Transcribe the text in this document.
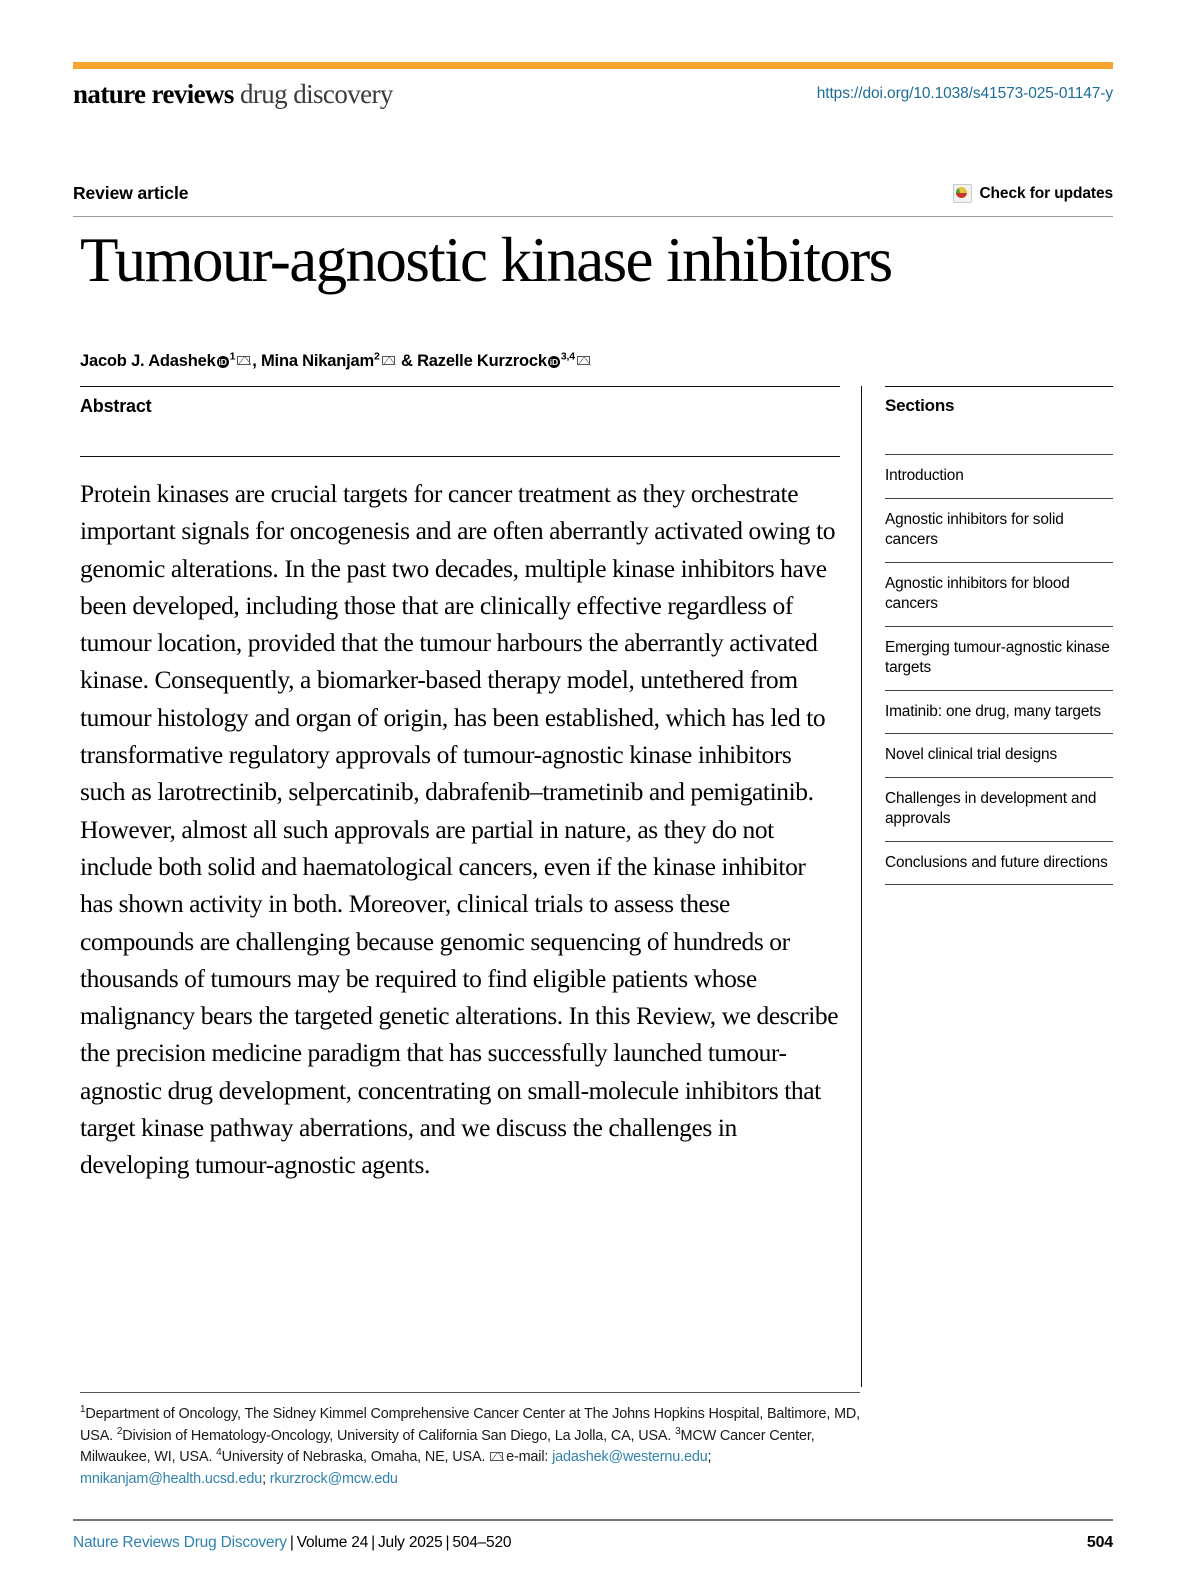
nature reviews drug discovery	https://doi.org/10.1038/s41573-025-01147-y
Review article	Check for updates
Tumour-agnostic kinase inhibitors
Jacob J. Adashek iD $^1$ , Mina Nikanjam$^2$ & Razelle Kurzrock iD $^{3,4}$
Abstract

Protein kinases are crucial targets for cancer treatment as they orchestrate important signals for oncogenesis and are often aberrantly activated owing to genomic alterations. In the past two decades, multiple kinase inhibitors have been developed, including those that are clinically effective regardless of tumour location, provided that the tumour harbours the aberrantly activated kinase. Consequently, a biomarker-based therapy model, untethered from tumour histology and organ of origin, has been established, which has led to transformative regulatory approvals of tumour-agnostic kinase inhibitors such as larotrectinib, selpercatinib, dabrafenib–trametinib and pemigatinib. However, almost all such approvals are partial in nature, as they do not include both solid and haematological cancers, even if the kinase inhibitor has shown activity in both. Moreover, clinical trials to assess these compounds are challenging because genomic sequencing of hundreds or thousands of tumours may be required to find eligible patients whose malignancy bears the targeted genetic alterations. In this Review, we describe the precision medicine paradigm that has successfully launched tumour-agnostic drug development, concentrating on small-molecule inhibitors that target kinase pathway aberrations, and we discuss the challenges in developing tumour-agnostic agents.

Sections
Introduction
Agnostic inhibitors for solid cancers
Agnostic inhibitors for blood cancers
Emerging tumour-agnostic kinase targets
Imatinib: one drug, many targets
Novel clinical trial designs
Challenges in development and approvals
Conclusions and future directions
$^1$Department of Oncology, The Sidney Kimmel Comprehensive Cancer Center at The Johns Hopkins Hospital, Baltimore, MD, USA. $^2$Division of Hematology-Oncology, University of California San Diego, La Jolla, CA, USA. $^3$MCW Cancer Center, Milwaukee, WI, USA. $^4$University of Nebraska, Omaha, NE, USA. e-mail: jadashek@westernu.edu; mnikanjam@health.ucsd.edu; rkurzrock@mcw.edu
Nature Reviews Drug Discovery | Volume 24 | July 2025 | 504–520	504
